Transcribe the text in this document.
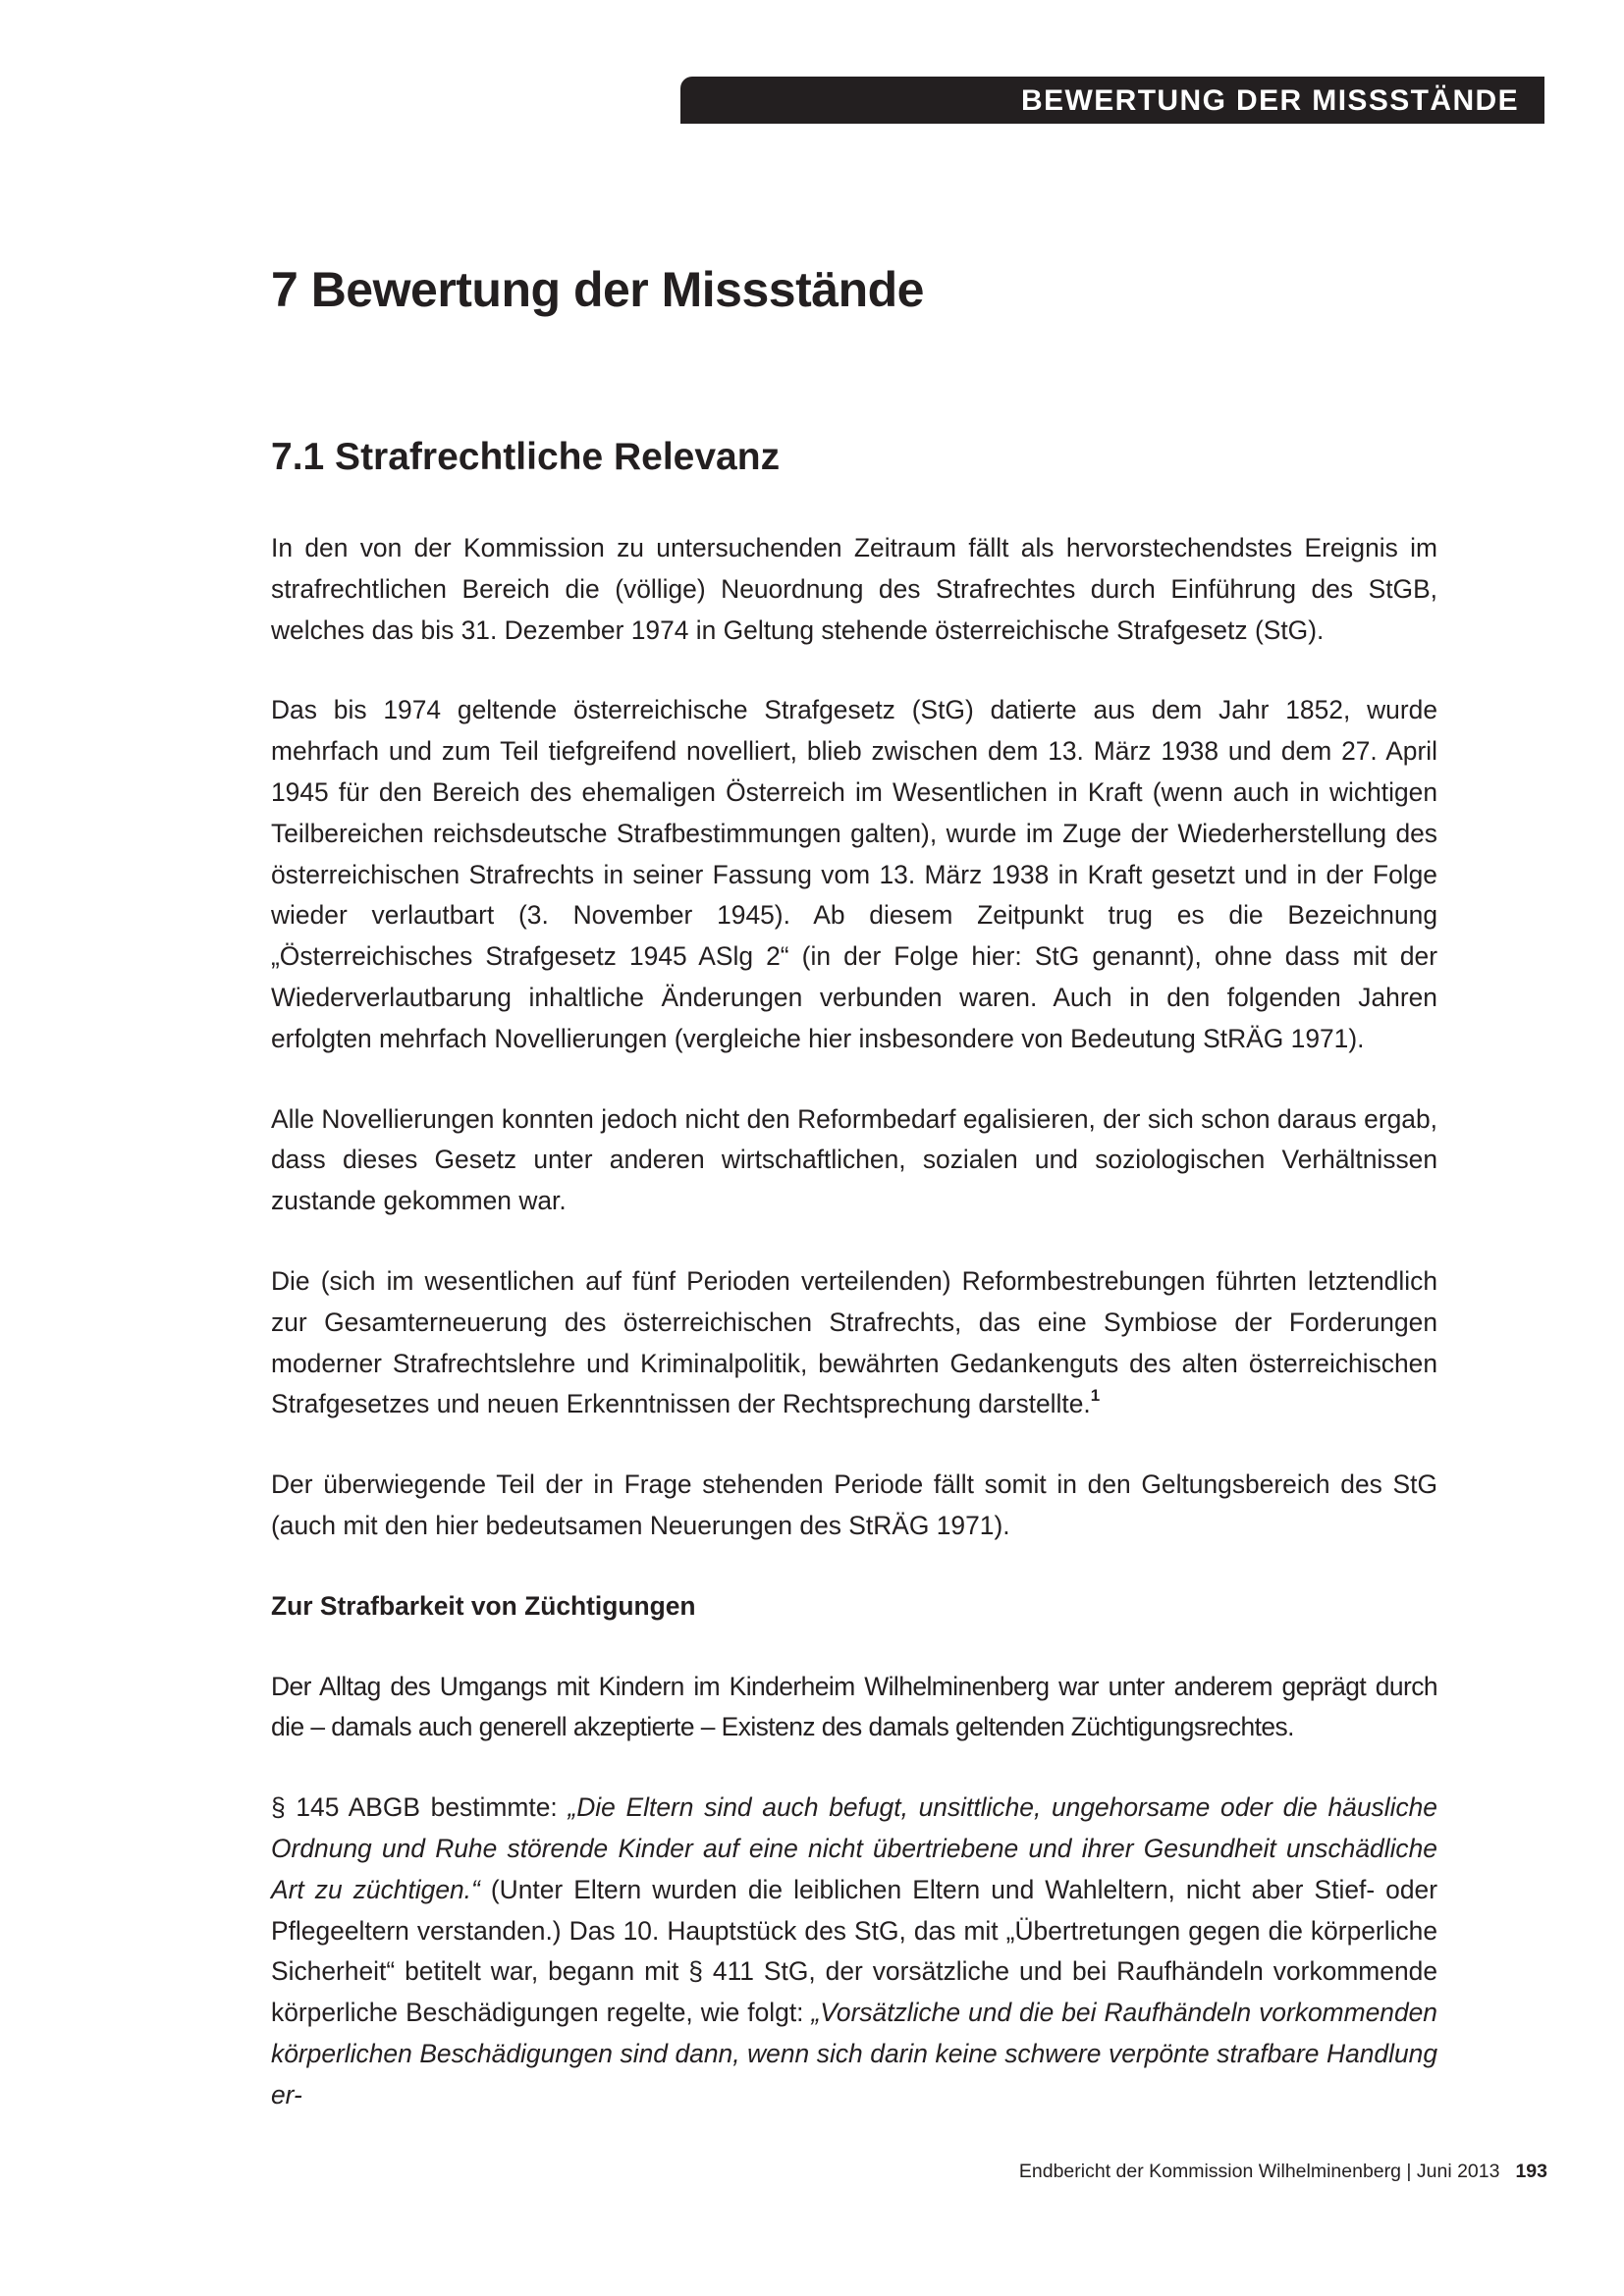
BEWERTUNG DER MISSSTÄNDE
7 Bewertung der Missstände
7.1 Strafrechtliche Relevanz

In den von der Kommission zu untersuchenden Zeitraum fällt als hervorstechendstes Ereignis im strafrechtlichen Bereich die (völlige) Neuordnung des Strafrechtes durch Einführung des StGB, welches das bis 31. Dezember 1974 in Geltung stehende österreichische Strafgesetz (StG).

Das bis 1974 geltende österreichische Strafgesetz (StG) datierte aus dem Jahr 1852, wurde mehrfach und zum Teil tiefgreifend novelliert, blieb zwischen dem 13. März 1938 und dem 27. April 1945 für den Bereich des ehemaligen Österreich im Wesentlichen in Kraft (wenn auch in wichtigen Teilbereichen reichsdeutsche Strafbestimmungen galten), wurde im Zuge der Wiederherstellung des österreichischen Strafrechts in seiner Fassung vom 13. März 1938 in Kraft gesetzt und in der Folge wieder verlautbart (3. November 1945). Ab diesem Zeitpunkt trug es die Bezeichnung „Österreichisches Strafgesetz 1945 ASlg 2“ (in der Folge hier: StG genannt), ohne dass mit der Wiederverlautbarung inhaltliche Änderungen verbunden waren. Auch in den folgenden Jahren erfolgten mehrfach Novellierungen (vergleiche hier insbesondere von Bedeutung StRÄG 1971).

Alle Novellierungen konnten jedoch nicht den Reformbedarf egalisieren, der sich schon daraus ergab, dass dieses Gesetz unter anderen wirtschaftlichen, sozialen und soziologischen Verhältnissen zustande gekommen war.

Die (sich im wesentlichen auf fünf Perioden verteilenden) Reformbestrebungen führten letztendlich zur Gesamterneuerung des österreichischen Strafrechts, das eine Symbiose der Forderungen moderner Strafrechtslehre und Kriminalpolitik, bewährten Gedankenguts des alten österreichischen Strafgesetzes und neuen Erkenntnissen der Rechtsprechung darstellte.$^1$

Der überwiegende Teil der in Frage stehenden Periode fällt somit in den Geltungsbereich des StG (auch mit den hier bedeutsamen Neuerungen des StRÄG 1971).

Zur Strafbarkeit von Züchtigungen

Der Alltag des Umgangs mit Kindern im Kinderheim Wilhelminenberg war unter anderem geprägt durch die – damals auch generell akzeptierte – Existenz des damals geltenden Züchtigungsrechtes.

§ 145 ABGB bestimmte: „Die Eltern sind auch befugt, unsittliche, ungehorsame oder die häusliche Ordnung und Ruhe störende Kinder auf eine nicht übertriebene und ihrer Gesundheit unschädliche Art zu züchtigen.“ (Unter Eltern wurden die leiblichen Eltern und Wahleltern, nicht aber Stief- oder Pflegeeltern verstanden.) Das 10. Hauptstück des StG, das mit „Übertretungen gegen die körperliche Sicherheit“ betitelt war, begann mit § 411 StG, der vorsätzliche und bei Raufhändeln vorkommende körperliche Beschädigungen regelte, wie folgt: „Vorsätzliche und die bei Raufhändeln vorkommenden körperlichen Beschädigungen sind dann, wenn sich darin keine schwere verpönte strafbare Handlung er-

Endbericht der Kommission Wilhelminenberg | Juni 2013 193
